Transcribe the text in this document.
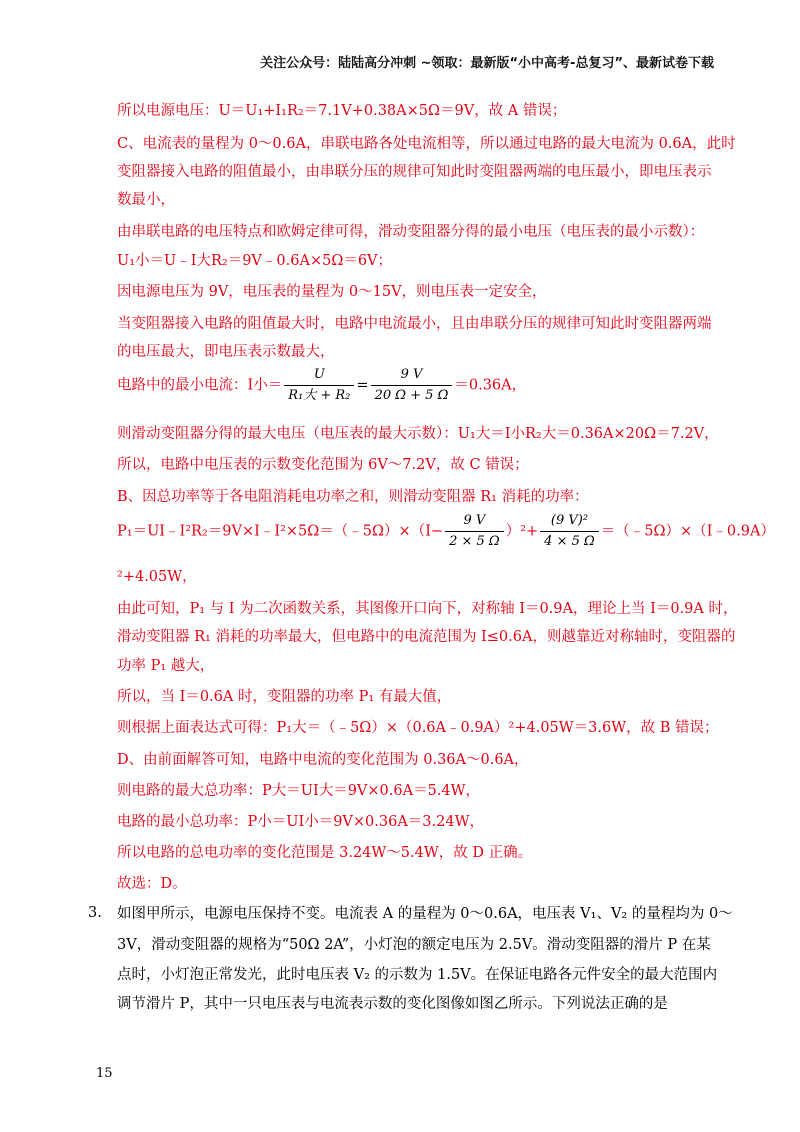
关注公众号：陆陆高分冲刺 ~领取：最新版“小中高考-总复习”、最新试卷下载
所以电源电压：U＝U₁+I₁R₂＝7.1V+0.38A×5Ω＝9V，故 A 错误；
C、电流表的量程为 0～0.6A，串联电路各处电流相等，所以通过电路的最大电流为 0.6A，此时
变阻器接入电路的阻值最小，由串联分压的规律可知此时变阻器两端的电压最小，即电压表示
数最小，
由串联电路的电压特点和欧姆定律可得，滑动变阻器分得的最小电压（电压表的最小示数）：
U₁小＝U﹣I大R₂＝9V﹣0.6A×5Ω＝6V；
因电源电压为 9V，电压表的量程为 0～15V，则电压表一定安全，
当变阻器接入电路的阻值最大时，电路中电流最小，且由串联分压的规律可知此时变阻器两端
的电压最大，即电压表示数最大，
电路中的最小电流：I小＝ $\frac{U}{\text{R₁大 + R₂}} = \frac{9 V}{20 \Omega + 5 \Omega} =0.36A$，
则滑动变阻器分得的最大电压（电压表的最大示数）：U₁大＝I小R₂大＝0.36A×20Ω＝7.2V，
所以，电路中电压表的示数变化范围为 6V～7.2V，故 C 错误；
B、因总功率等于各电阻消耗电功率之和，则滑动变阻器 R₁ 消耗的功率：
P₁＝UI﹣I²R₂＝9V×I﹣I²×5Ω＝（﹣5Ω）×（I− $\frac{9 V}{2 \times 5 \Omega} )^2+ \frac{\text{(9 V)²}}{4 \times 5 \Omega}$ ＝（﹣5Ω）×（I﹣0.9A）
²+4.05W，
由此可知，P₁ 与 I 为二次函数关系，其图像开口向下，对称轴 I＝0.9A，理论上当 I＝0.9A 时，
滑动变阻器 R₁ 消耗的功率最大，但电路中的电流范围为 I≤0.6A，则越靠近对称轴时，变阻器的
功率 P₁ 越大，
所以，当 I＝0.6A 时，变阻器的功率 P₁ 有最大值，
则根据上面表达式可得：P₁大＝（﹣5Ω）×（0.6A﹣0.9A）²+4.05W＝3.6W，故 B 错误；
D、由前面解答可知，电路中电流的变化范围为 0.36A～0.6A，
则电路的最大总功率：P大＝UI大＝9V×0.6A＝5.4W，
电路的最小总功率：P小＝UI小＝9V×0.36A＝3.24W，
所以电路的总电功率的变化范围是 3.24W～5.4W，故 D 正确。
故选：D。
3. 如图甲所示，电源电压保持不变。电流表 A 的量程为 0～0.6A，电压表 V₁、V₂ 的量程均为 0～
3V，滑动变阻器的规格为“50Ω 2A”，小灯泡的额定电压为 2.5V。滑动变阻器的滑片 P 在某
点时，小灯泡正常发光，此时电压表 V₂ 的示数为 1.5V。在保证电路各元件安全的最大范围内
调节滑片 P，其中一只电压表与电流表示数的变化图像如图乙所示。下列说法正确的是
15
